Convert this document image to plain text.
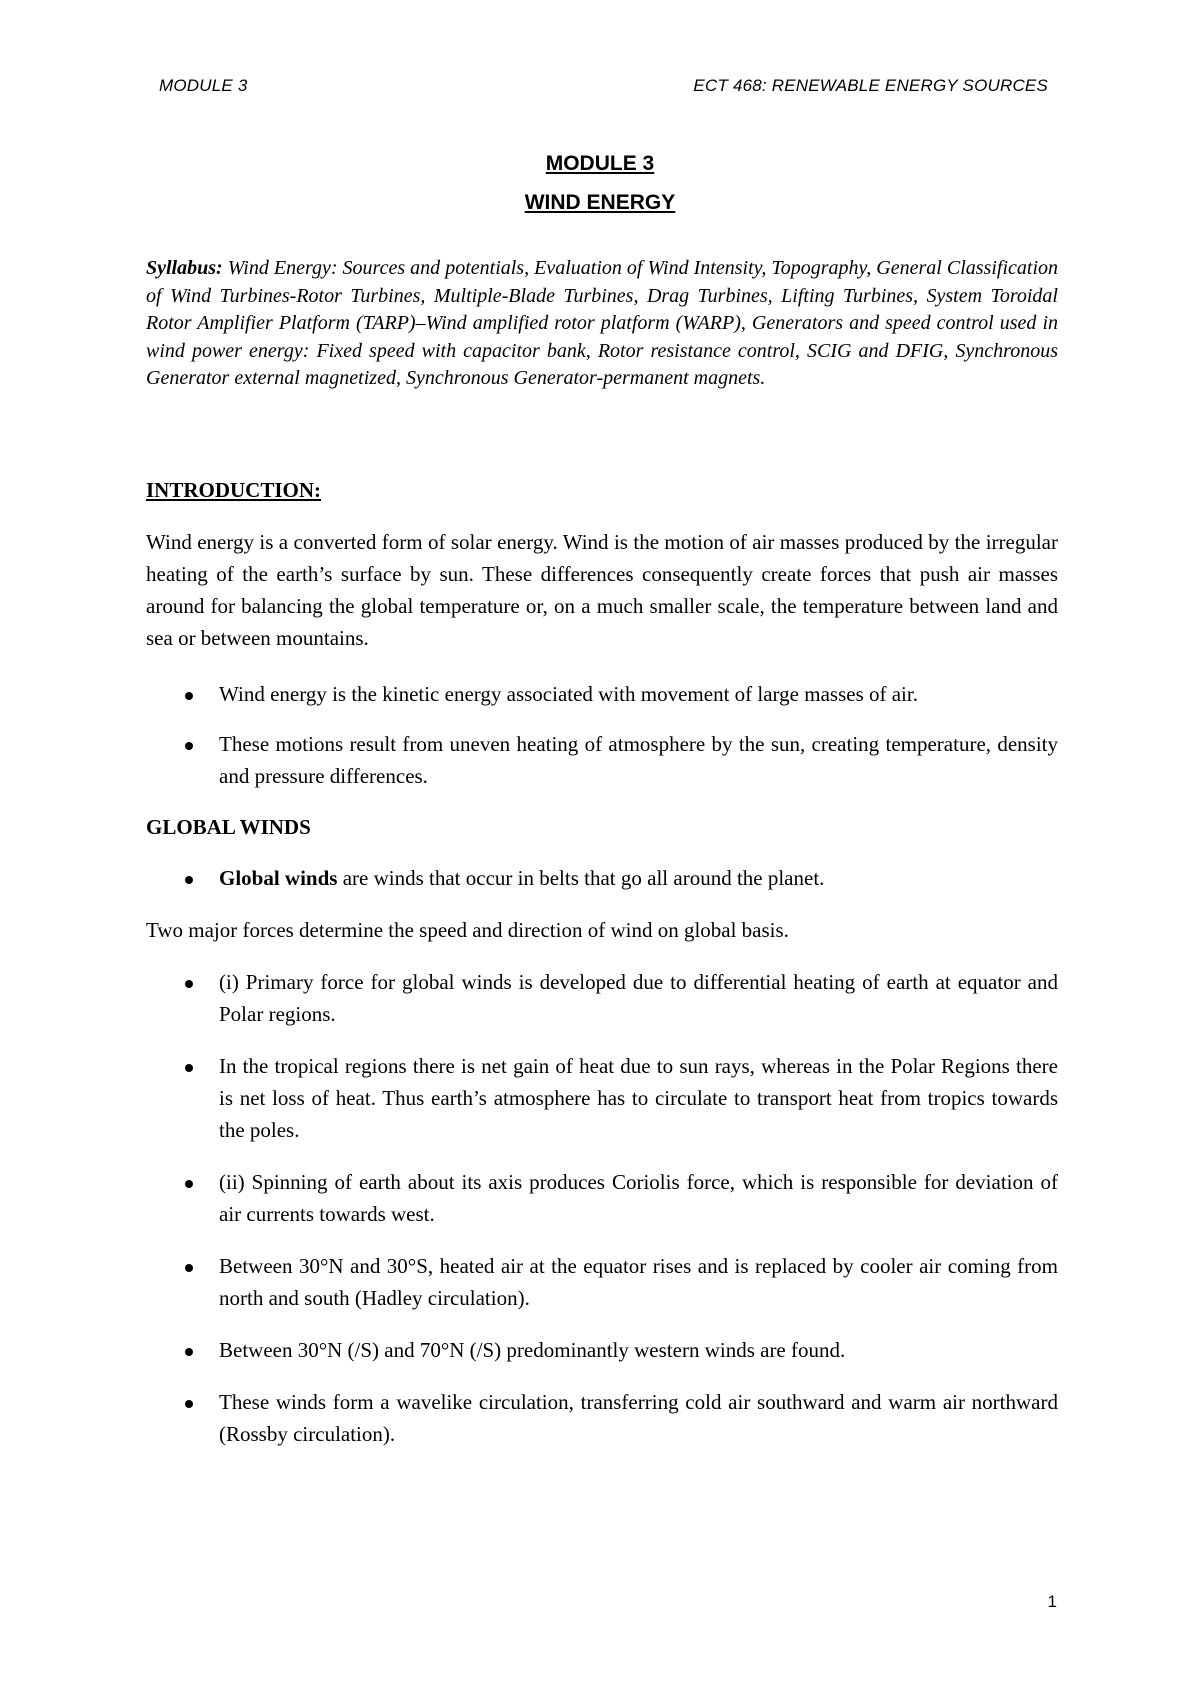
MODULE 3	ECT 468: RENEWABLE ENERGY SOURCES
MODULE 3
WIND ENERGY
Syllabus: Wind Energy: Sources and potentials, Evaluation of Wind Intensity, Topography, General Classification of Wind Turbines-Rotor Turbines, Multiple-Blade Turbines, Drag Turbines, Lifting Turbines, System Toroidal Rotor Amplifier Platform (TARP)–Wind amplified rotor platform (WARP), Generators and speed control used in wind power energy: Fixed speed with capacitor bank, Rotor resistance control, SCIG and DFIG, Synchronous Generator external magnetized, Synchronous Generator-permanent magnets.
INTRODUCTION:
Wind energy is a converted form of solar energy. Wind is the motion of air masses produced by the irregular heating of the earth’s surface by sun. These differences consequently create forces that push air masses around for balancing the global temperature or, on a much smaller scale, the temperature between land and sea or between mountains.
Wind energy is the kinetic energy associated with movement of large masses of air.
These motions result from uneven heating of atmosphere by the sun, creating temperature, density and pressure differences.
GLOBAL WINDS
Global winds are winds that occur in belts that go all around the planet.
Two major forces determine the speed and direction of wind on global basis.
(i) Primary force for global winds is developed due to differential heating of earth at equator and Polar regions.
In the tropical regions there is net gain of heat due to sun rays, whereas in the Polar Regions there is net loss of heat. Thus earth’s atmosphere has to circulate to transport heat from tropics towards the poles.
(ii) Spinning of earth about its axis produces Coriolis force, which is responsible for deviation of air currents towards west.
Between 30°N and 30°S, heated air at the equator rises and is replaced by cooler air coming from north and south (Hadley circulation).
Between 30°N (/S) and 70°N (/S) predominantly western winds are found.
These winds form a wavelike circulation, transferring cold air southward and warm air northward (Rossby circulation).
1
